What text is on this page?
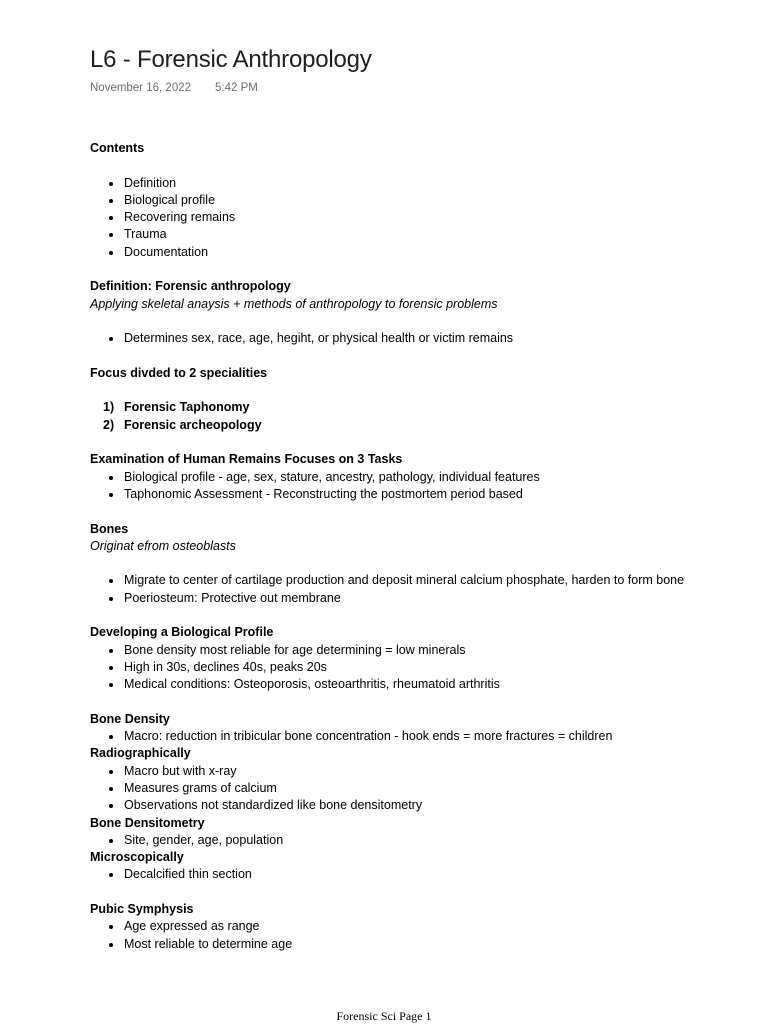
L6 - Forensic Anthropology
November 16, 2022 5:42 PM

Contents

Definition
Biological profile
Recovering remains
Trauma
Documentation

Definition: Forensic anthropology

Applying skeletal anaysis + methods of anthropology to forensic problems

Determines sex, race, age, hegiht, or physical health or victim remains

Focus divded to 2 specialities

1) Forensic Taphonomy
2) Forensic archeopology

Examination of Human Remains Focuses on 3 Tasks

Biological profile - age, sex, stature, ancestry, pathology, individual features
Taphonomic Assessment - Reconstructing the postmortem period based

Bones

Originat efrom osteoblasts

Migrate to center of cartilage production and deposit mineral calcium phosphate, harden to form bone
Poeriosteum: Protective out membrane

Developing a Biological Profile

Bone density most reliable for age determining = low minerals
High in 30s, declines 40s, peaks 20s
Medical conditions: Osteoporosis, osteoarthritis, rheumatoid arthritis

Bone Density

Macro: reduction in tribicular bone concentration - hook ends = more fractures = children

Radiographically

Macro but with x-ray
Measures grams of calcium
Observations not standardized like bone densitometry

Bone Densitometry

Site, gender, age, population

Microscopically

Decalcified thin section

Pubic Symphysis

Age expressed as range
Most reliable to determine age
Forensic Sci Page 1
